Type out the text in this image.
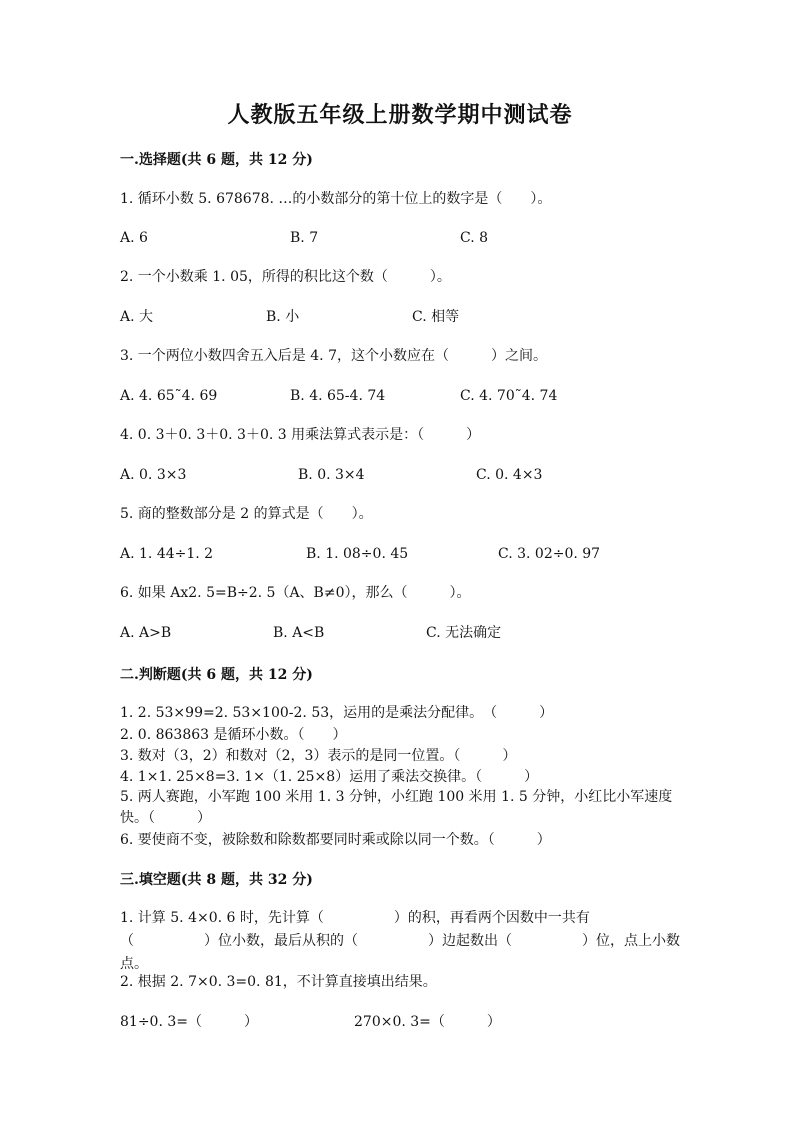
人教版五年级上册数学期中测试卷
一.选择题(共 6 题，共 12 分)
1. 循环小数 5. 678678. …的小数部分的第十位上的数字是（　　）。
A. 6	B. 7	C. 8
2. 一个小数乘 1. 05，所得的积比这个数（　　　）。
A. 大	B. 小	C. 相等
3. 一个两位小数四舍五入后是 4. 7，这个小数应在（　　　）之间。
A. 4. 65˜4. 69	B. 4. 65-4. 74	C. 4. 70˜4. 74
4. 0. 3＋0. 3＋0. 3＋0. 3 用乘法算式表示是：（　　　）
A. 0. 3×3	B. 0. 3×4	C. 0. 4×3
5. 商的整数部分是 2 的算式是（　　）。
A. 1. 44÷1. 2	B. 1. 08÷0. 45	C. 3. 02÷0. 97
6. 如果 Ax2. 5=B÷2. 5（A、B≠0），那么（　　　）。
A. A>B	B. A<B	C. 无法确定
二.判断题(共 6 题，共 12 分)
1. 2. 53×99=2. 53×100-2. 53，运用的是乘法分配律。　（　　　）
2. 0. 863863 是循环小数。（　　）
3. 数对（3，2）和数对（2，3）表示的是同一位置。（　　　）
4. 1×1. 25×8=3. 1×（1. 25×8）运用了乘法交换律。（　　　）
5. 两人赛跑，小军跑 100 米用 1. 3 分钟，小红跑 100 米用 1. 5 分钟，小红比小军速度快。（　　　）
6. 要使商不变，被除数和除数都要同时乘或除以同一个数。（　　　）
三.填空题(共 8 题，共 32 分)
1. 计算 5. 4×0. 6 时，先计算（　　　　　）的积，再看两个因数中一共有（　　　　　）位小数，最后从积的（　　　　　）边起数出（　　　　　）位，点上小数点。
2. 根据 2. 7×0. 3=0. 81，不计算直接填出结果。
81÷0. 3=（　　　）	270×0. 3=（　　　）
